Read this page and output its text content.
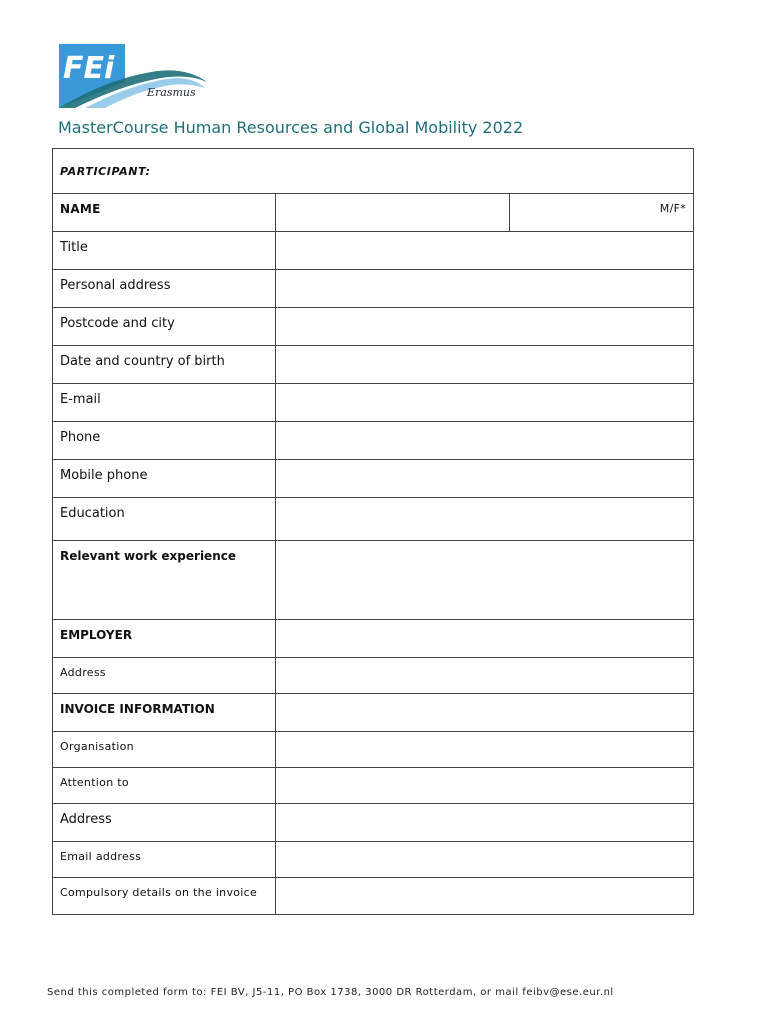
FEi
Erasmus
MasterCourse Human Resources and Global Mobility 2022
PARTICIPANT:		

NAME		M/F*

Title		

Personal address		

Postcode and city		

Date and country of birth		

E-mail		

Phone		

Mobile phone		

Education		

Relevant work experience		

EMPLOYER		

Address		

INVOICE INFORMATION		

Organisation		

Attention to		

Address		

Email address		

Compulsory details on the invoice		

Send this completed form to: FEI BV, J5-11, PO Box 1738, 3000 DR Rotterdam, or mail feibv@ese.eur.nl
